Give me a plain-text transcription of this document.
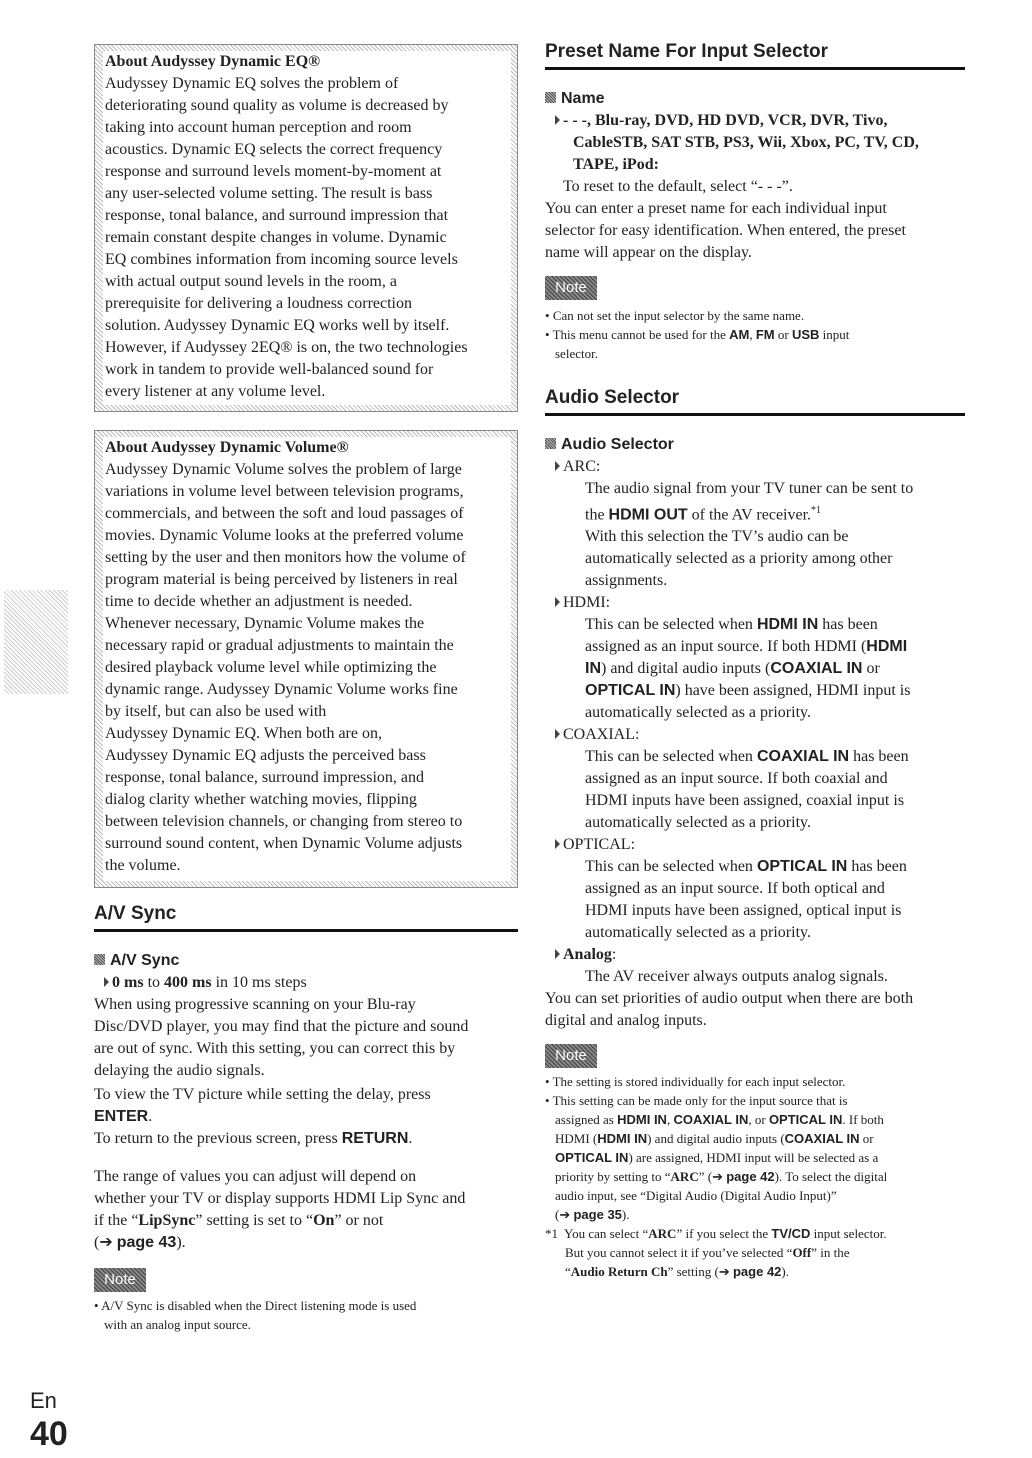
About Audyssey Dynamic EQ®

Audyssey Dynamic EQ solves the problem of

deteriorating sound quality as volume is decreased by

taking into account human perception and room

acoustics. Dynamic EQ selects the correct frequency

response and surround levels moment-by-moment at

any user-selected volume setting. The result is bass

response, tonal balance, and surround impression that

remain constant despite changes in volume. Dynamic

EQ combines information from incoming source levels

with actual output sound levels in the room, a

prerequisite for delivering a loudness correction

solution. Audyssey Dynamic EQ works well by itself.

However, if Audyssey 2EQ® is on, the two technologies

work in tandem to provide well-balanced sound for

every listener at any volume level.

About Audyssey Dynamic Volume®

Audyssey Dynamic Volume solves the problem of large

variations in volume level between television programs,

commercials, and between the soft and loud passages of

movies. Dynamic Volume looks at the preferred volume

setting by the user and then monitors how the volume of

program material is being perceived by listeners in real

time to decide whether an adjustment is needed.

Whenever necessary, Dynamic Volume makes the

necessary rapid or gradual adjustments to maintain the

desired playback volume level while optimizing the

dynamic range. Audyssey Dynamic Volume works fine

by itself, but can also be used with

Audyssey Dynamic EQ. When both are on,

Audyssey Dynamic EQ adjusts the perceived bass

response, tonal balance, surround impression, and

dialog clarity whether watching movies, flipping

between television channels, or changing from stereo to

surround sound content, when Dynamic Volume adjusts

the volume.

A/V Sync

A/V Sync

0 ms to 400 ms in 10 ms steps

When using progressive scanning on your Blu-ray

Disc/DVD player, you may find that the picture and sound

are out of sync. With this setting, you can correct this by

delaying the audio signals.

To view the TV picture while setting the delay, press

ENTER.

To return to the previous screen, press RETURN.

The range of values you can adjust will depend on

whether your TV or display supports HDMI Lip Sync and

if the “LipSync” setting is set to “On” or not

(➔ page 43).

Note
• A/V Sync is disabled when the Direct listening mode is used
with an analog input source.
Preset Name For Input Selector

Name

- - -, Blu-ray, DVD, HD DVD, VCR, DVR, Tivo,

CableSTB, SAT STB, PS3, Wii, Xbox, PC, TV, CD,

TAPE, iPod:

To reset to the default, select “- - -”.

You can enter a preset name for each individual input

selector for easy identification. When entered, the preset

name will appear on the display.

Note
• Can not set the input selector by the same name.
• This menu cannot be used for the AM, FM or USB input
selector.
Audio Selector

Audio Selector

ARC:

The audio signal from your TV tuner can be sent to

the HDMI OUT of the AV receiver.$^{*1}$

With this selection the TV’s audio can be

automatically selected as a priority among other

assignments.

HDMI:

This can be selected when HDMI IN has been

assigned as an input source. If both HDMI (HDMI

IN) and digital audio inputs (COAXIAL IN or

OPTICAL IN) have been assigned, HDMI input is

automatically selected as a priority.

COAXIAL:

This can be selected when COAXIAL IN has been

assigned as an input source. If both coaxial and

HDMI inputs have been assigned, coaxial input is

automatically selected as a priority.

OPTICAL:

This can be selected when OPTICAL IN has been

assigned as an input source. If both optical and

HDMI inputs have been assigned, optical input is

automatically selected as a priority.

Analog:

The AV receiver always outputs analog signals.

You can set priorities of audio output when there are both

digital and analog inputs.

Note
• The setting is stored individually for each input selector.
• This setting can be made only for the input source that is
assigned as HDMI IN, COAXIAL IN, or OPTICAL IN. If both
HDMI (HDMI IN) and digital audio inputs (COAXIAL IN or
OPTICAL IN) are assigned, HDMI input will be selected as a
priority by setting to “ARC” (➔ page 42). To select the digital
audio input, see “Digital Audio (Digital Audio Input)”
(➔ page 35).
*1 You can select “ARC” if you select the TV/CD input selector.
But you cannot select it if you’ve selected “Off” in the
“Audio Return Ch” setting (➔ page 42).
En
40
